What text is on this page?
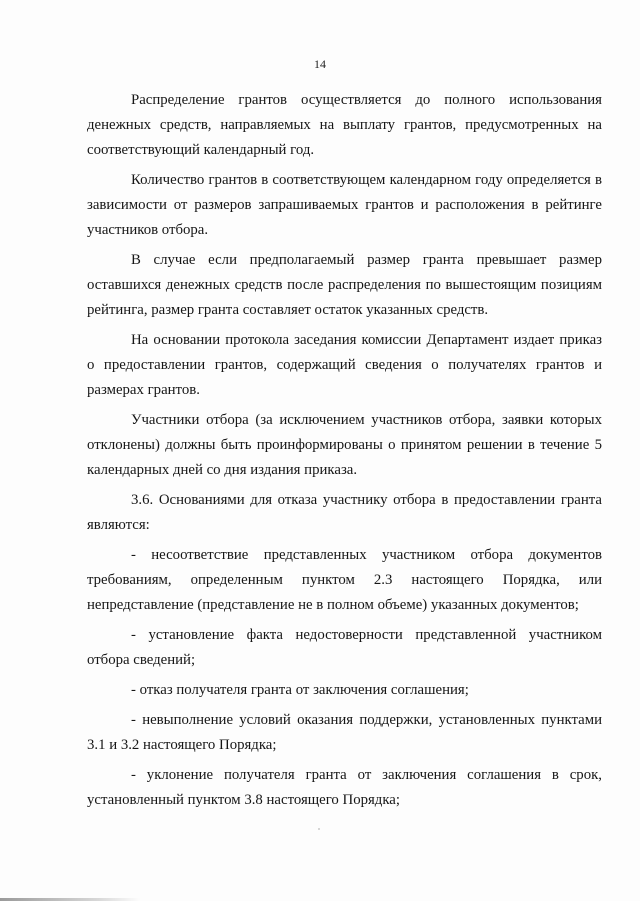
14

Распределение грантов осуществляется до полного использования денежных средств, направляемых на выплату грантов, предусмотренных на соответствующий календарный год.

Количество грантов в соответствующем календарном году определяется в зависимости от размеров запрашиваемых грантов и расположения в рейтинге участников отбора.

В случае если предполагаемый размер гранта превышает размер оставшихся денежных средств после распределения по вышестоящим позициям рейтинга, размер гранта составляет остаток указанных средств.

На основании протокола заседания комиссии Департамент издает приказ о предоставлении грантов, содержащий сведения о получателях грантов и размерах грантов.

Участники отбора (за исключением участников отбора, заявки которых отклонены) должны быть проинформированы о принятом решении в течение 5 календарных дней со дня издания приказа.

3.6. Основаниями для отказа участнику отбора в предоставлении гранта являются:

- несоответствие представленных участником отбора документов требованиям, определенным пунктом 2.3 настоящего Порядка, или непредставление (представление не в полном объеме) указанных документов;

- установление факта недостоверности представленной участником отбора сведений;

- отказ получателя гранта от заключения соглашения;

- невыполнение условий оказания поддержки, установленных пунктами 3.1 и 3.2 настоящего Порядка;

- уклонение получателя гранта от заключения соглашения в срок, установленный пунктом 3.8 настоящего Порядка;
